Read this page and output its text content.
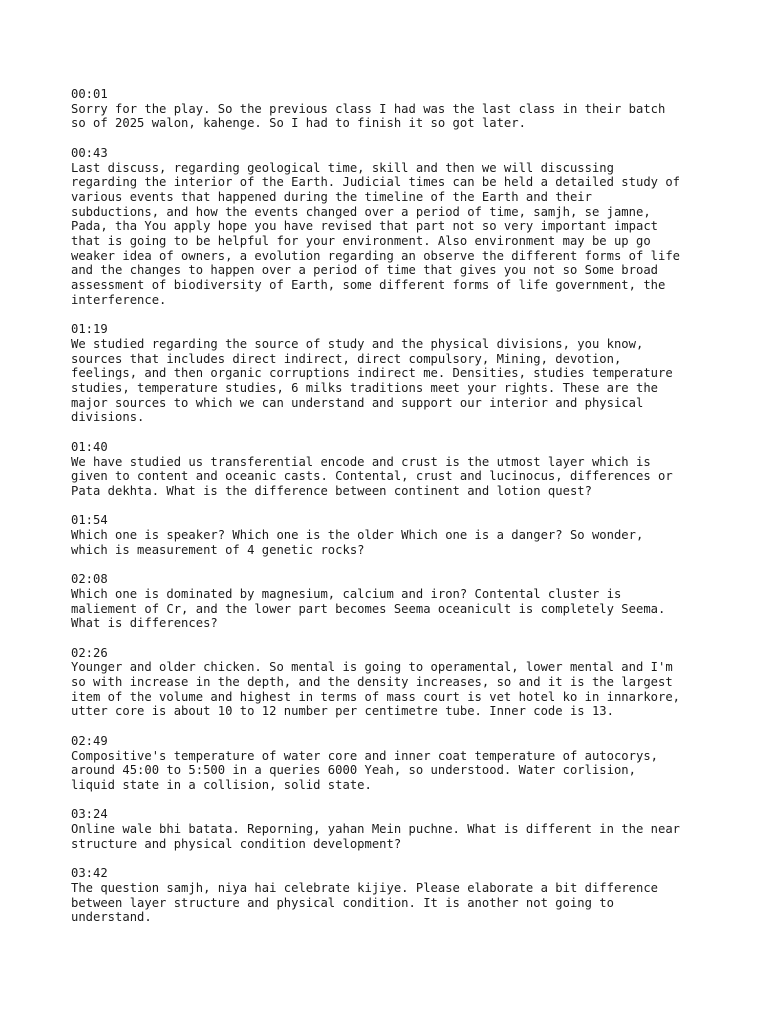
00:01
Sorry for the play. So the previous class I had was the last class in their batch
so of 2025 walon, kahenge. So I had to finish it so got later.
00:43
Last discuss, regarding geological time, skill and then we will discussing
regarding the interior of the Earth. Judicial times can be held a detailed study of
various events that happened during the timeline of the Earth and their
subductions, and how the events changed over a period of time, samjh, se jamne,
Pada, tha You apply hope you have revised that part not so very important impact
that is going to be helpful for your environment. Also environment may be up go
weaker idea of owners, a evolution regarding an observe the different forms of life
and the changes to happen over a period of time that gives you not so Some broad
assessment of biodiversity of Earth, some different forms of life government, the
interference.
01:19
We studied regarding the source of study and the physical divisions, you know,
sources that includes direct indirect, direct compulsory, Mining, devotion,
feelings, and then organic corruptions indirect me. Densities, studies temperature
studies, temperature studies, 6 milks traditions meet your rights. These are the
major sources to which we can understand and support our interior and physical
divisions.
01:40
We have studied us transferential encode and crust is the utmost layer which is
given to content and oceanic casts. Contental, crust and lucinocus, differences or
Pata dekhta. What is the difference between continent and lotion quest?
01:54
Which one is speaker? Which one is the older Which one is a danger? So wonder,
which is measurement of 4 genetic rocks?
02:08
Which one is dominated by magnesium, calcium and iron? Contental cluster is
maliement of Cr, and the lower part becomes Seema oceanicult is completely Seema.
What is differences?
02:26
Younger and older chicken. So mental is going to operamental, lower mental and I'm
so with increase in the depth, and the density increases, so and it is the largest
item of the volume and highest in terms of mass court is vet hotel ko in innarkore,
utter core is about 10 to 12 number per centimetre tube. Inner code is 13.
02:49
Compositive's temperature of water core and inner coat temperature of autocorys,
around 45:00 to 5:500 in a queries 6000 Yeah, so understood. Water corlision,
liquid state in a collision, solid state.
03:24
Online wale bhi batata. Reporning, yahan Mein puchne. What is different in the near
structure and physical condition development?
03:42
The question samjh, niya hai celebrate kijiye. Please elaborate a bit difference
between layer structure and physical condition. It is another not going to
understand.
